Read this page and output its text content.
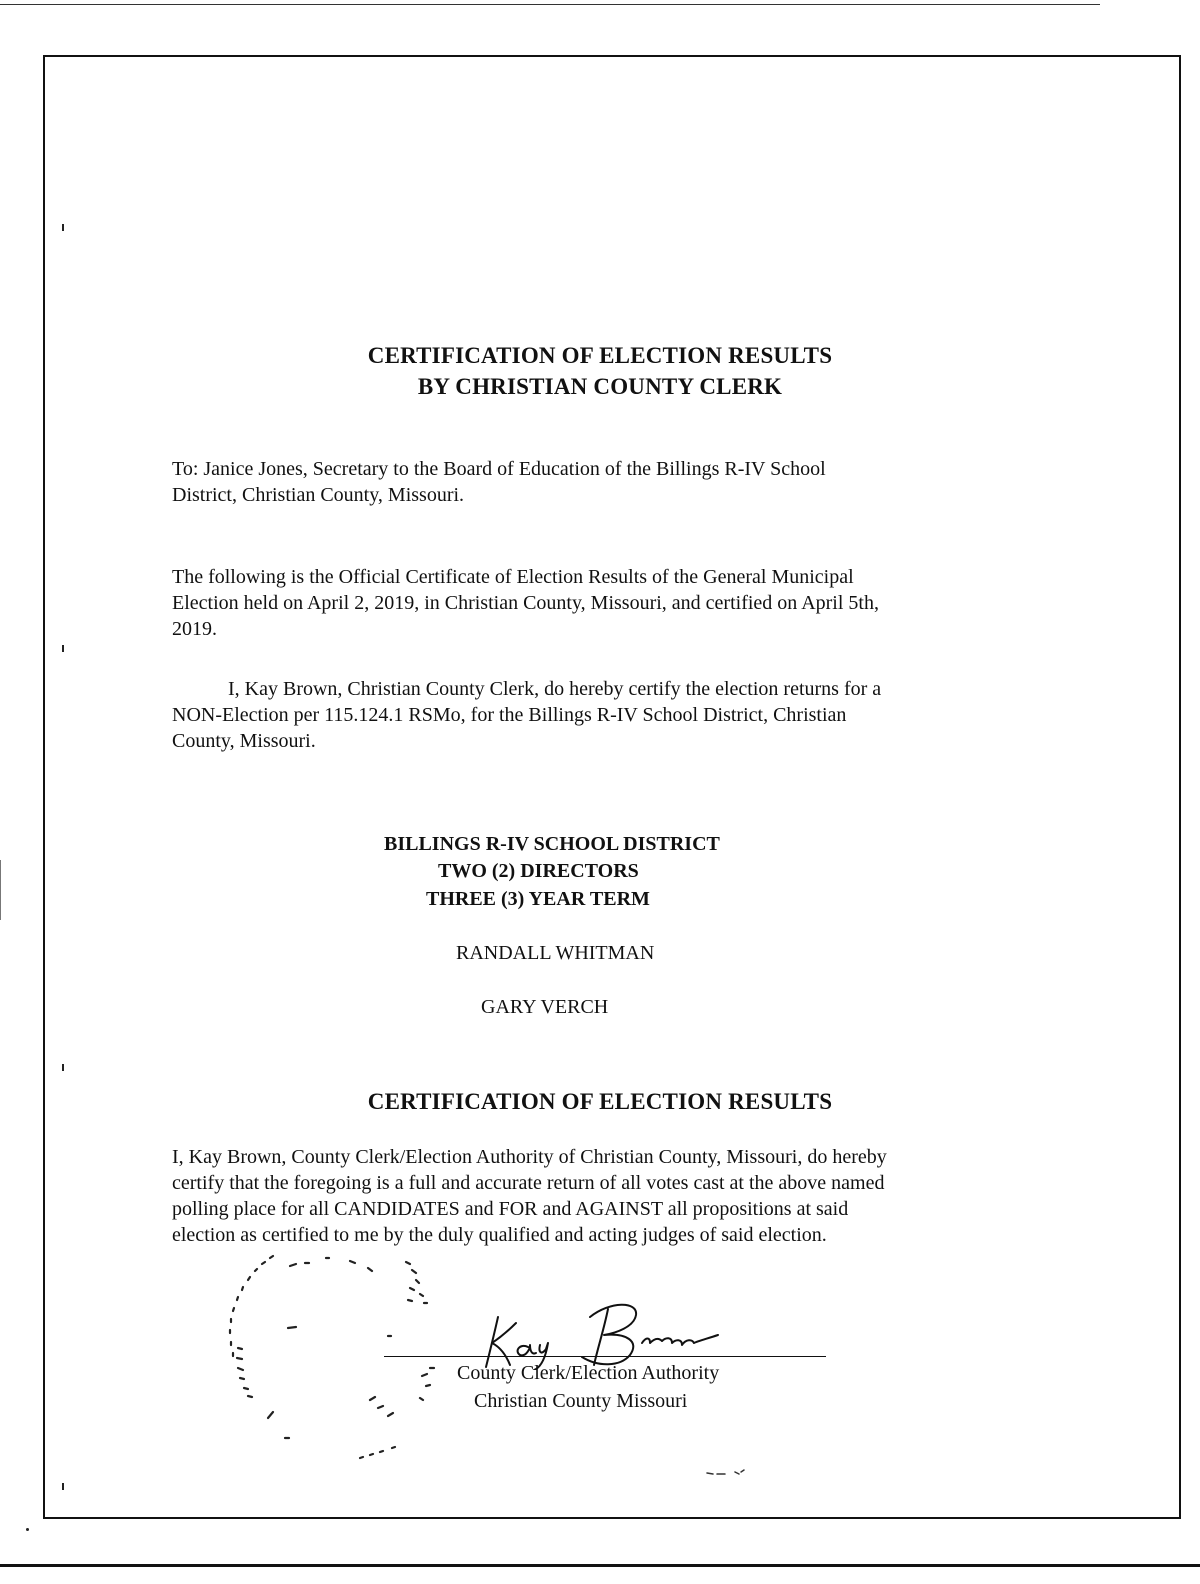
CERTIFICATION OF ELECTION RESULTS
BY CHRISTIAN COUNTY CLERK
To: Janice Jones, Secretary to the Board of Education of the Billings R-IV School
District, Christian County, Missouri.
The following is the Official Certificate of Election Results of the General Municipal
Election held on April 2, 2019, in Christian County, Missouri, and certified on April 5th,
2019.
I, Kay Brown, Christian County Clerk, do hereby certify the election returns for a
NON-Election per 115.124.1 RSMo, for the Billings R-IV School District, Christian
County, Missouri.
BILLINGS R-IV SCHOOL DISTRICT
TWO (2) DIRECTORS
THREE (3) YEAR TERM
RANDALL WHITMAN
GARY VERCH
CERTIFICATION OF ELECTION RESULTS
I, Kay Brown, County Clerk/Election Authority of Christian County, Missouri, do hereby
certify that the foregoing is a full and accurate return of all votes cast at the above named
polling place for all CANDIDATES and FOR and AGAINST all propositions at said
election as certified to me by the duly qualified and acting judges of said election.
County Clerk/Election Authority
Christian County Missouri
